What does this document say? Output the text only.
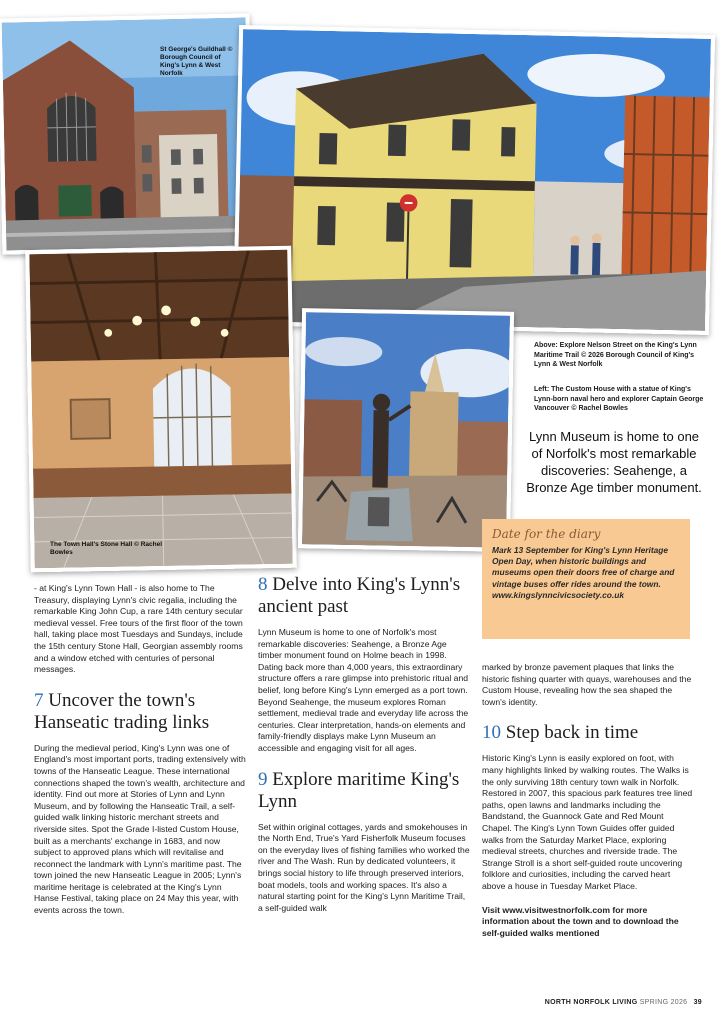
St George's Guildhall © Borough Council of King's Lynn & West Norfolk
The Town Hall's Stone Hall © Rachel Bowles
Above: Explore Nelson Street on the King's Lynn Maritime Trail © 2026 Borough Council of King's Lynn & West Norfolk
Left: The Custom House with a statue of King's Lynn-born naval hero and explorer Captain George Vancouver © Rachel Bowles
Lynn Museum is home to one of Norfolk's most remarkable discoveries: Seahenge, a Bronze Age timber monument.
Date for the diary
Mark 13 September for King's Lynn Heritage Open Day, when historic buildings and museums open their doors free of charge and vintage buses offer rides around the town.
www.kingslynncivicsociety.co.uk

- at King's Lynn Town Hall - is also home to The Treasury, displaying Lynn's civic regalia, including the remarkable King John Cup, a rare 14th century secular medieval vessel. Free tours of the first floor of the town hall, taking place most Tuesdays and Sundays, include the 15th century Stone Hall, Georgian assembly rooms and a window etched with centuries of personal messages.

7 Uncover the town's Hanseatic trading links

During the medieval period, King's Lynn was one of England's most important ports, trading extensively with towns of the Hanseatic League. These international connections shaped the town's wealth, architecture and identity. Find out more at Stories of Lynn and Lynn Museum, and by following the Hanseatic Trail, a self-guided walk linking historic merchant streets and riverside sites. Spot the Grade I-listed Custom House, built as a merchants' exchange in 1683, and now subject to approved plans which will revitalise and reconnect the landmark with Lynn's maritime past. The town joined the new Hanseatic League in 2005; Lynn's maritime heritage is celebrated at the King's Lynn Hanse Festival, taking place on 24 May this year, with events across the town.

8 Delve into King's Lynn's ancient past

Lynn Museum is home to one of Norfolk's most remarkable discoveries: Seahenge, a Bronze Age timber monument found on Holme beach in 1998. Dating back more than 4,000 years, this extraordinary structure offers a rare glimpse into prehistoric ritual and belief, long before King's Lynn emerged as a port town. Beyond Seahenge, the museum explores Roman settlement, medieval trade and everyday life across the centuries. Clear interpretation, hands-on elements and family-friendly displays make Lynn Museum an accessible and engaging visit for all ages.

9 Explore maritime King's Lynn

Set within original cottages, yards and smokehouses in the North End, True's Yard Fisherfolk Museum focuses on the everyday lives of fishing families who worked the river and The Wash. Run by dedicated volunteers, it brings social history to life through preserved interiors, boat models, tools and working spaces. It's also a natural starting point for the King's Lynn Maritime Trail, a self-guided walk

marked by bronze pavement plaques that links the historic fishing quarter with quays, warehouses and the Custom House, revealing how the sea shaped the town's identity.

10 Step back in time

Historic King's Lynn is easily explored on foot, with many highlights linked by walking routes. The Walks is the only surviving 18th century town walk in Norfolk. Restored in 2007, this spacious park features tree lined paths, open lawns and landmarks including the Bandstand, the Guannock Gate and Red Mount Chapel. The King's Lynn Town Guides offer guided walks from the Saturday Market Place, exploring medieval streets, churches and riverside trade. The Strange Stroll is a short self-guided route uncovering folklore and curiosities, including the carved heart above a house in Tuesday Market Place.

Visit www.visitwestnorfolk.com for more information about the town and to download the self-guided walks mentioned

NORTH NORFOLK LIVING SPRING 2026 39
